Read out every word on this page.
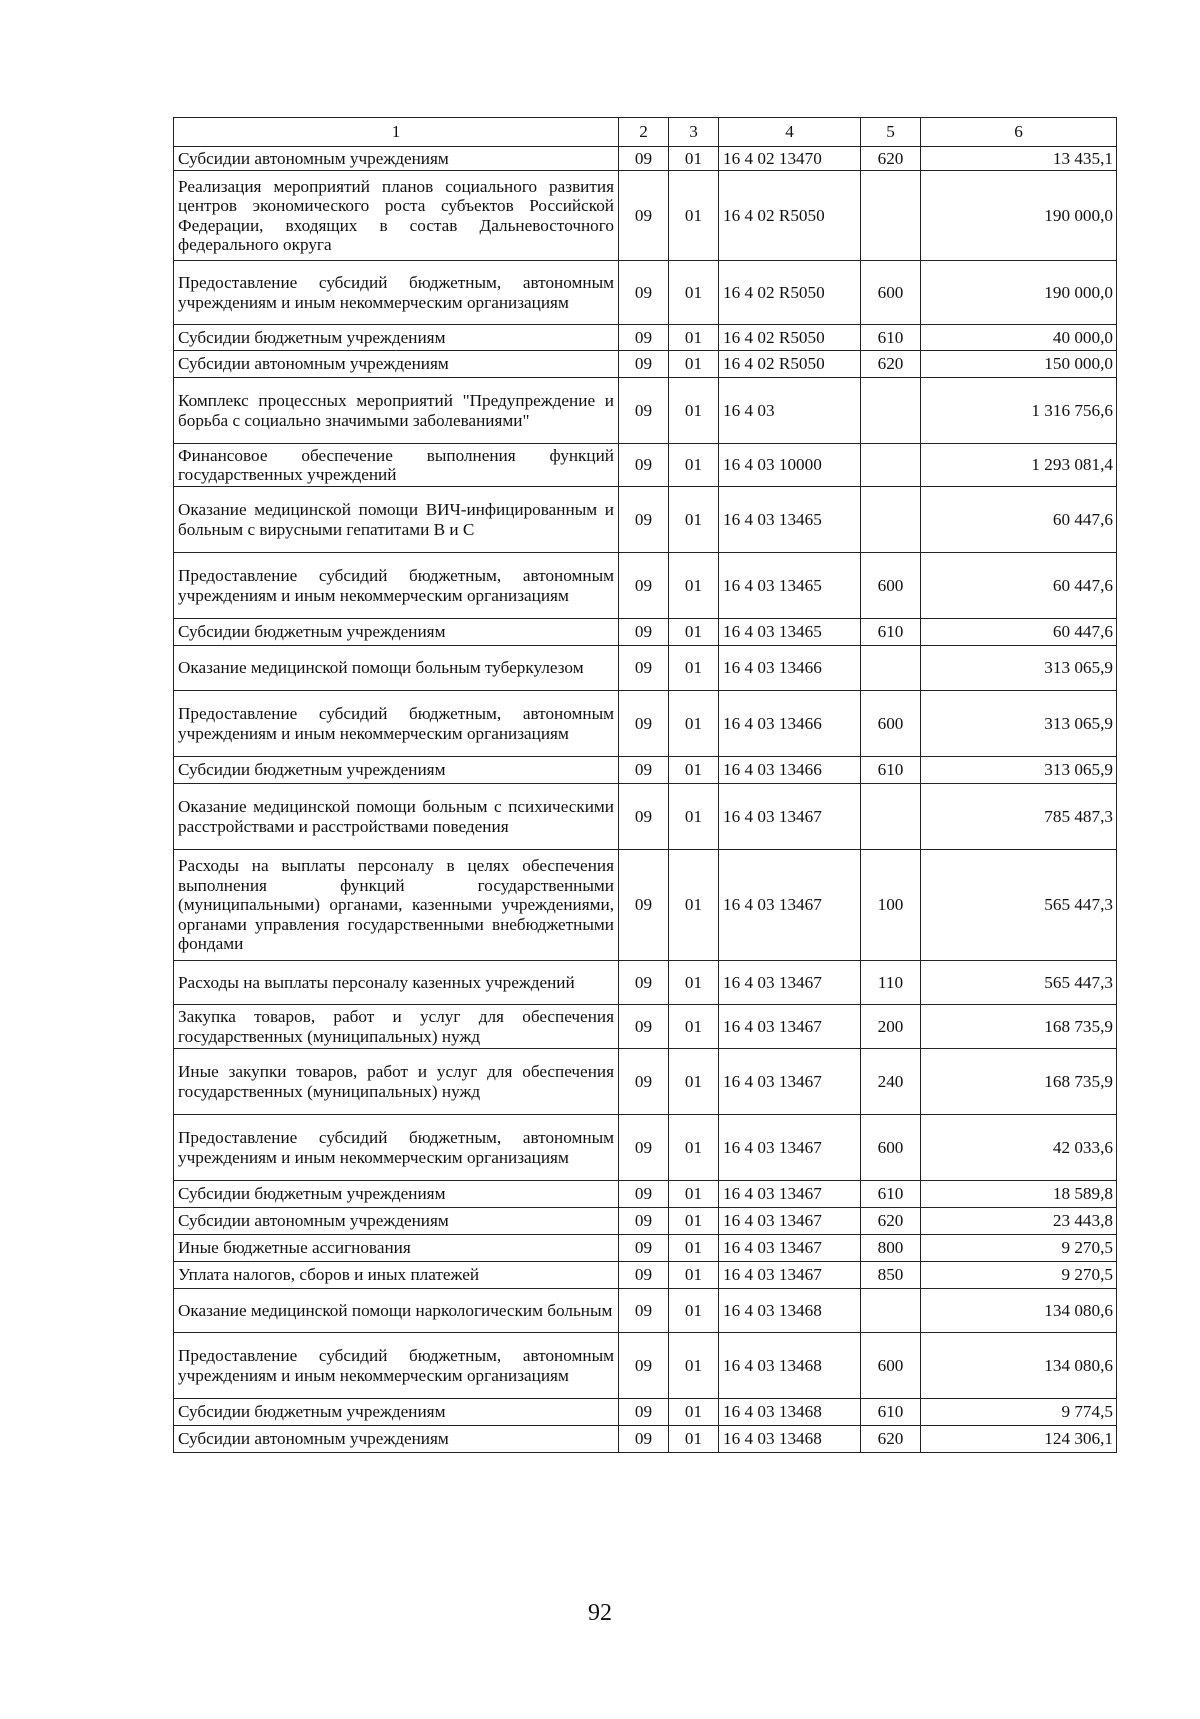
1	2	3	4	5	6
Субсидии автономным учреждениям	09	01	16 4 02 13470	620	13 435,1
Реализация мероприятий планов социального развития центров экономического роста субъектов Российской Федерации, входящих в состав Дальневосточного федерального округа	09	01	16 4 02 R5050		190 000,0
Предоставление субсидий бюджетным, автономным учреждениям и иным некоммерческим организациям	09	01	16 4 02 R5050	600	190 000,0
Субсидии бюджетным учреждениям	09	01	16 4 02 R5050	610	40 000,0
Субсидии автономным учреждениям	09	01	16 4 02 R5050	620	150 000,0
Комплекс процессных мероприятий "Предупреждение и борьба с социально значимыми заболеваниями"	09	01	16 4 03		1 316 756,6
Финансовое обеспечение выполнения функций государственных учреждений	09	01	16 4 03 10000		1 293 081,4
Оказание медицинской помощи ВИЧ-инфицированным и больным с вирусными гепатитами В и С	09	01	16 4 03 13465		60 447,6
Предоставление субсидий бюджетным, автономным учреждениям и иным некоммерческим организациям	09	01	16 4 03 13465	600	60 447,6
Субсидии бюджетным учреждениям	09	01	16 4 03 13465	610	60 447,6
Оказание медицинской помощи больным туберкулезом	09	01	16 4 03 13466		313 065,9
Предоставление субсидий бюджетным, автономным учреждениям и иным некоммерческим организациям	09	01	16 4 03 13466	600	313 065,9
Субсидии бюджетным учреждениям	09	01	16 4 03 13466	610	313 065,9
Оказание медицинской помощи больным с психическими расстройствами и расстройствами поведения	09	01	16 4 03 13467		785 487,3
Расходы на выплаты персоналу в целях обеспечения выполнения функций государственными (муниципальными) органами, казенными учреждениями, органами управления государственными внебюджетными фондами	09	01	16 4 03 13467	100	565 447,3
Расходы на выплаты персоналу казенных учреждений	09	01	16 4 03 13467	110	565 447,3
Закупка товаров, работ и услуг для обеспечения государственных (муниципальных) нужд	09	01	16 4 03 13467	200	168 735,9
Иные закупки товаров, работ и услуг для обеспечения государственных (муниципальных) нужд	09	01	16 4 03 13467	240	168 735,9
Предоставление субсидий бюджетным, автономным учреждениям и иным некоммерческим организациям	09	01	16 4 03 13467	600	42 033,6
Субсидии бюджетным учреждениям	09	01	16 4 03 13467	610	18 589,8
Субсидии автономным учреждениям	09	01	16 4 03 13467	620	23 443,8
Иные бюджетные ассигнования	09	01	16 4 03 13467	800	9 270,5
Уплата налогов, сборов и иных платежей	09	01	16 4 03 13467	850	9 270,5
Оказание медицинской помощи наркологическим больным	09	01	16 4 03 13468		134 080,6
Предоставление субсидий бюджетным, автономным учреждениям и иным некоммерческим организациям	09	01	16 4 03 13468	600	134 080,6
Субсидии бюджетным учреждениям	09	01	16 4 03 13468	610	9 774,5
Субсидии автономным учреждениям	09	01	16 4 03 13468	620	124 306,1
92
